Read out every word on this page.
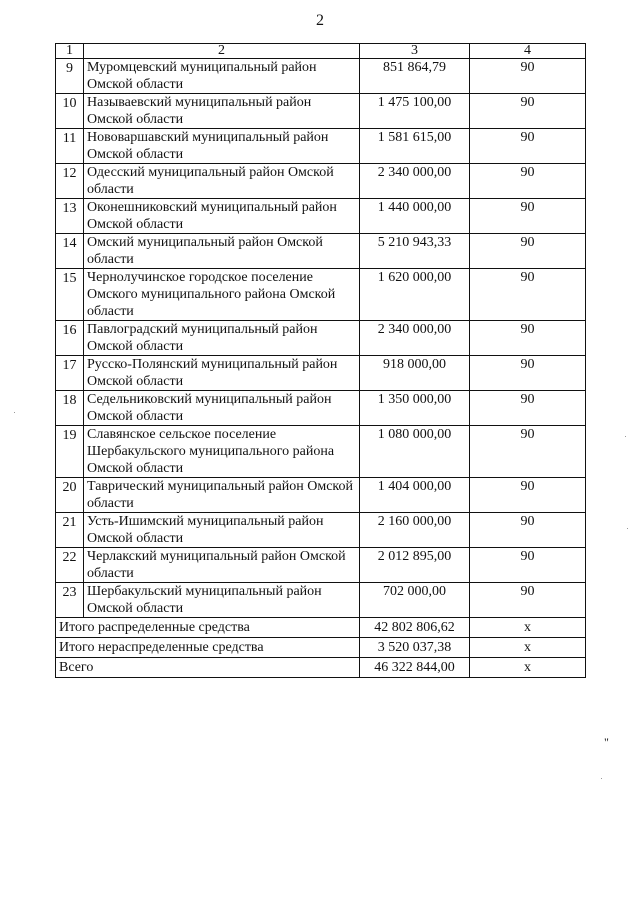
2
1	2	3	4
9	Муромцевский муниципальный район Омской области	851 864,79	90
10	Называевский муниципальный район Омской области	1 475 100,00	90
11	Нововаршавский муниципальный район Омской области	1 581 615,00	90
12	Одесский муниципальный район Омской области	2 340 000,00	90
13	Оконешниковский муниципальный район Омской области	1 440 000,00	90
14	Омский муниципальный район Омской области	5 210 943,33	90
15	Чернолучинское городское поселение Омского муниципального района Омской области	1 620 000,00	90
16	Павлоградский муниципальный район Омской области	2 340 000,00	90
17	Русско-Полянский муниципальный район Омской области	918 000,00	90
18	Седельниковский муниципальный район Омской области	1 350 000,00	90
19	Славянское сельское поселение Шербакульского муниципального района Омской области	1 080 000,00	90
20	Таврический муниципальный район Омской области	1 404 000,00	90
21	Усть-Ишимский муниципальный район Омской области	2 160 000,00	90
22	Черлакский муниципальный район Омской области	2 012 895,00	90
23	Шербакульский муниципальный район Омской области	702 000,00	90
Итого распределенные средства		42 802 806,62	x
Итого нераспределенные средства		3 520 037,38	x
Всего		46 322 844,00	x
"
